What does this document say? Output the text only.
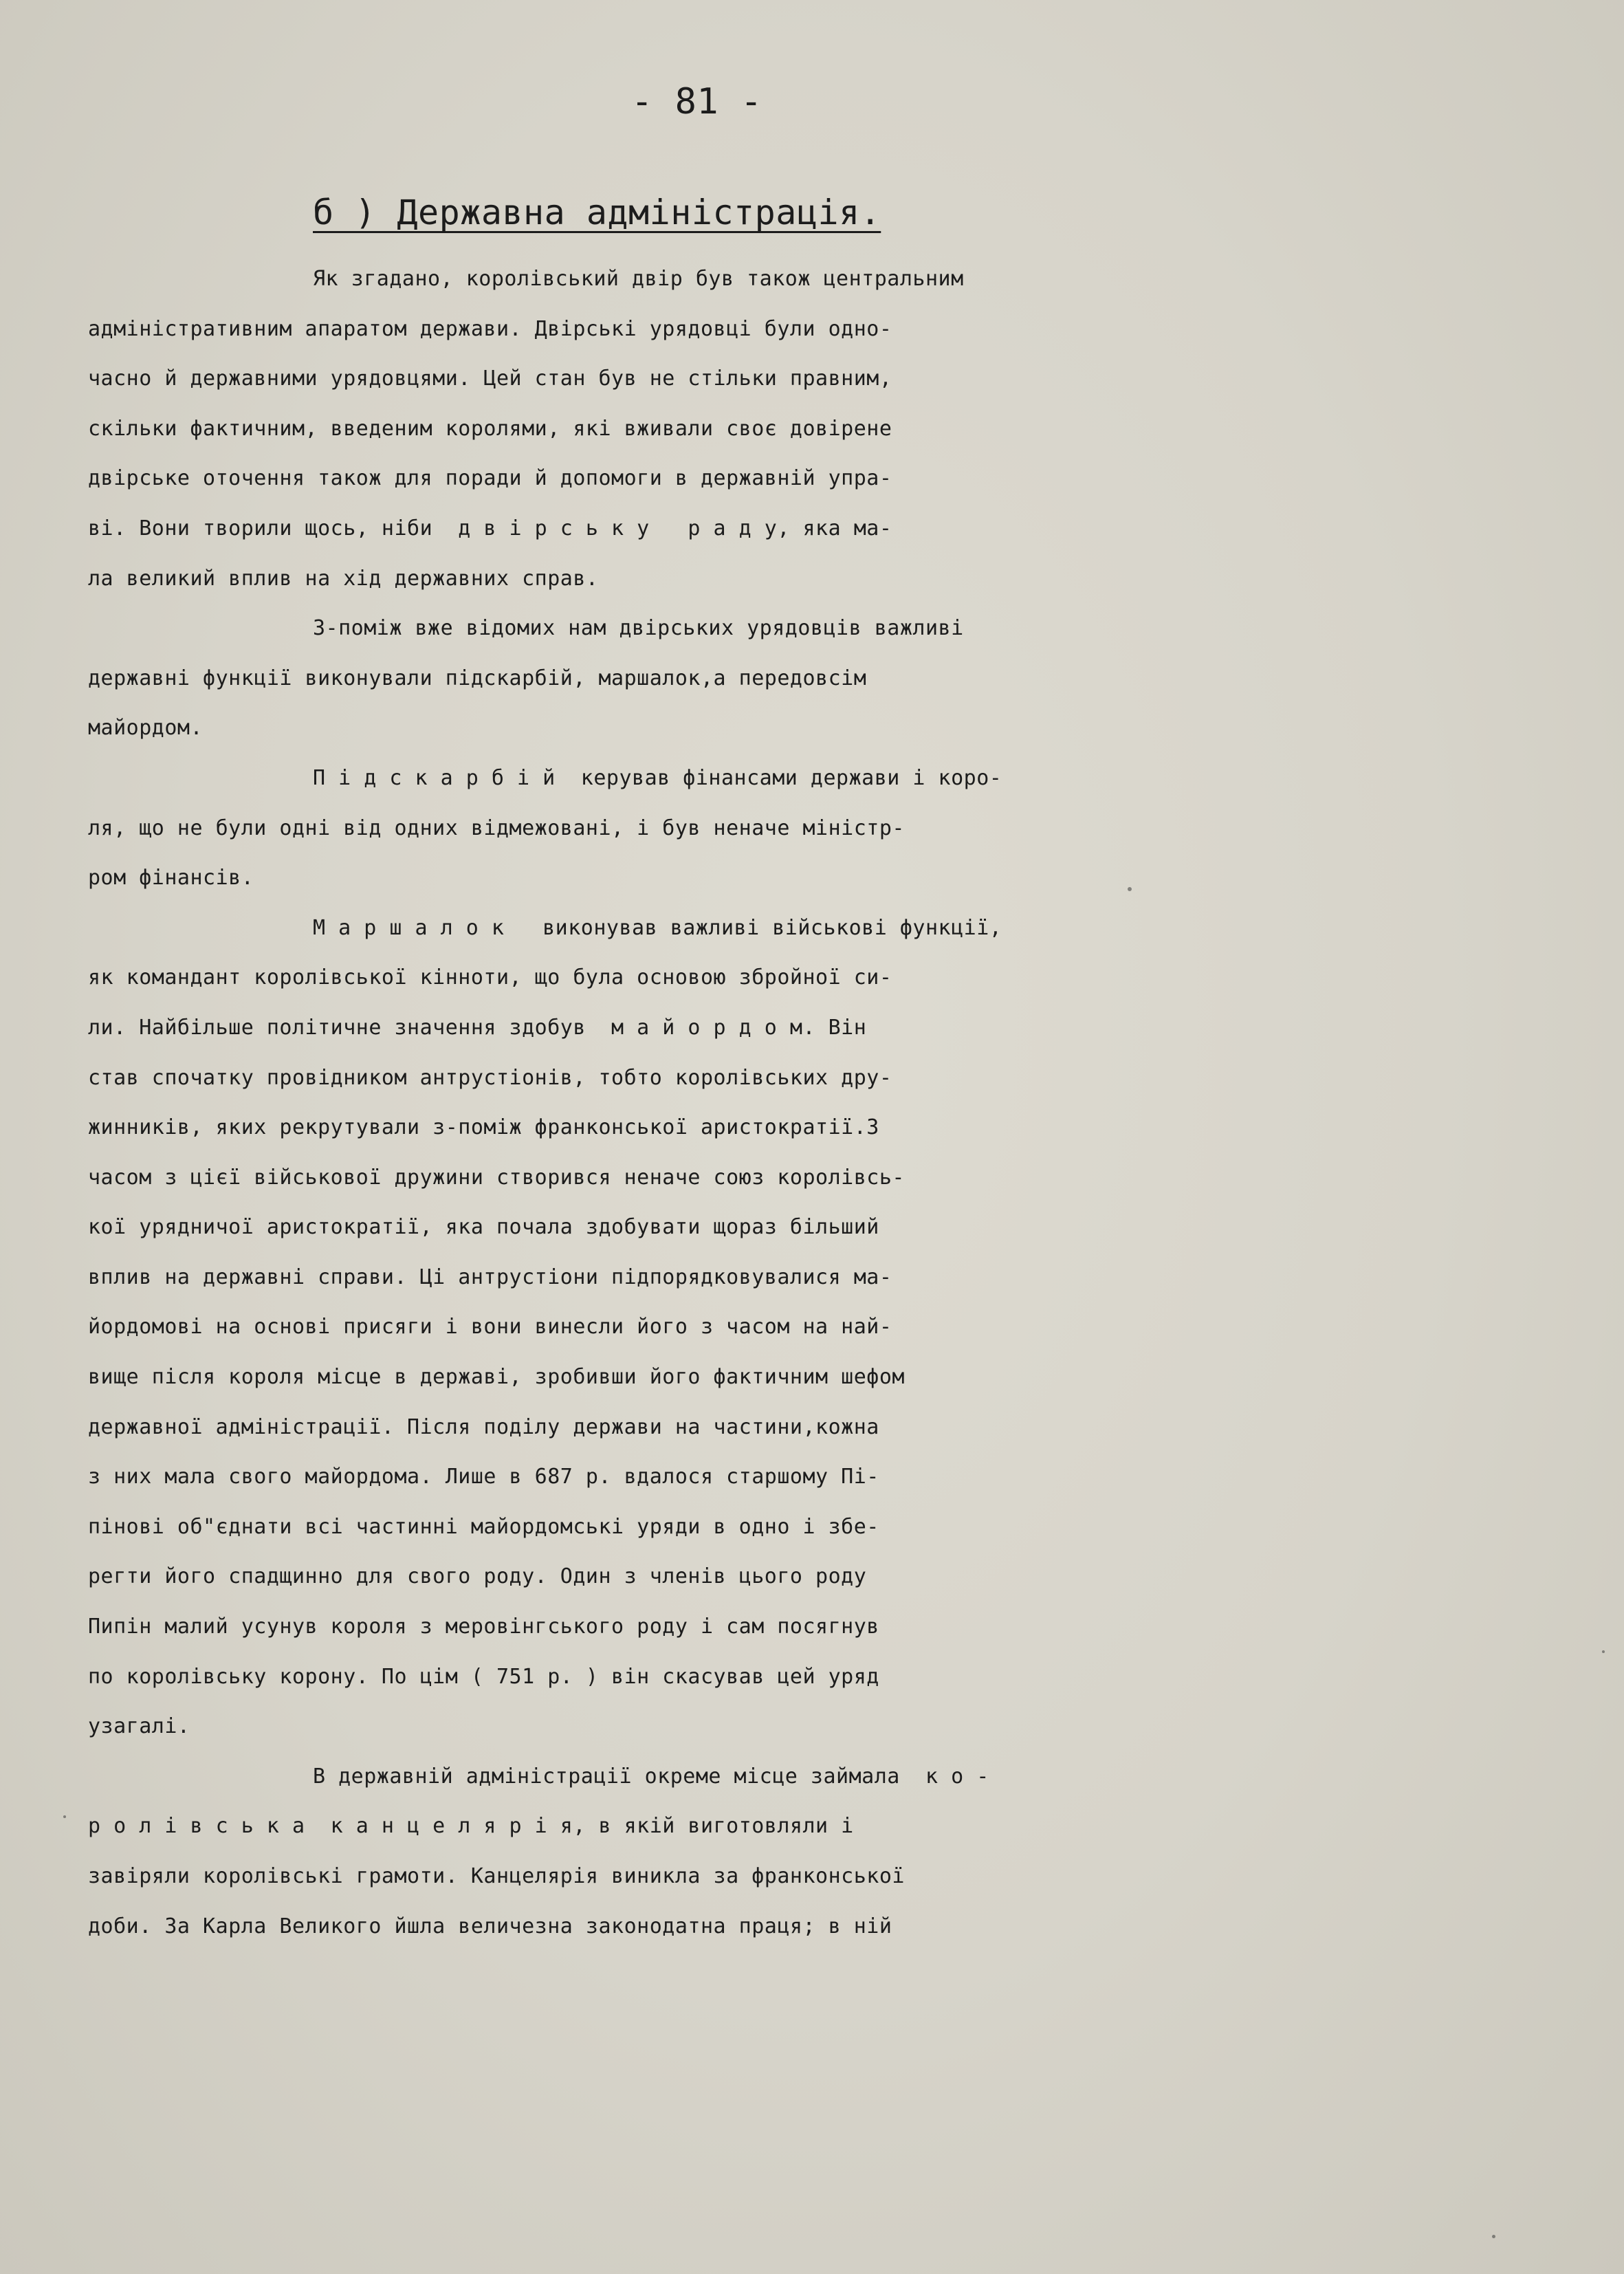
- 81 -
б ) Державна адміністрація.
Як згадано, королівський двір був також центральним
адміністративним апаратом держави. Двірські урядовці були одно-
часно й державними урядовцями. Цей стан був не стільки правним,
скільки фактичним, введеним королями, які вживали своє довірене
двірське оточення також для поради й допомоги в державній упра-
ві. Вони творили щось, ніби  д в і р с ь к у   р а д у, яка ма-
ла великий вплив на хід державних справ.
З-поміж вже відомих нам двірських урядовців важливі
державні функції виконували підскарбій, маршалок,а передовсім
майордом.
П і д с к а р б і й  керував фінансами держави і коро-
ля, що не були одні від одних відмежовані, і був неначе міністр-
ром фінансів.
М а р ш а л о к   виконував важливі військові функції,
як командант королівської кінноти, що була основою збройної си-
ли. Найбільше політичне значення здобув  м а й о р д о м. Він
став спочатку провідником антрустіонів, тобто королівських дру-
жинників, яких рекрутували з-поміж франконської аристократії.З
часом з цієї військової дружини створився неначе союз королівсь-
кої урядничої аристократії, яка почала здобувати щораз більший
вплив на державні справи. Ці антрустіони підпорядковувалися ма-
йордомові на основі присяги і вони винесли його з часом на най-
вище після короля місце в державі, зробивши його фактичним шефом
державної адміністрації. Після поділу держави на частини,кожна
з них мала свого майордома. Лише в 687 р. вдалося старшому Пі-
пінові об"єднати всі частинні майордомські уряди в одно і збе-
регти його спадщинно для свого роду. Один з членів цього роду
Пипін малий усунув короля з меровінгського роду і сам посягнув
по королівську корону. По цім ( 751 р. ) він скасував цей уряд
узагалі.
В державній адміністрації окреме місце займала  к о -
р о л і в с ь к а  к а н ц е л я р і я, в якій виготовляли і
завіряли королівські грамоти. Канцелярія виникла за франконської
доби. За Карла Великого йшла величезна законодатна праця; в ній
